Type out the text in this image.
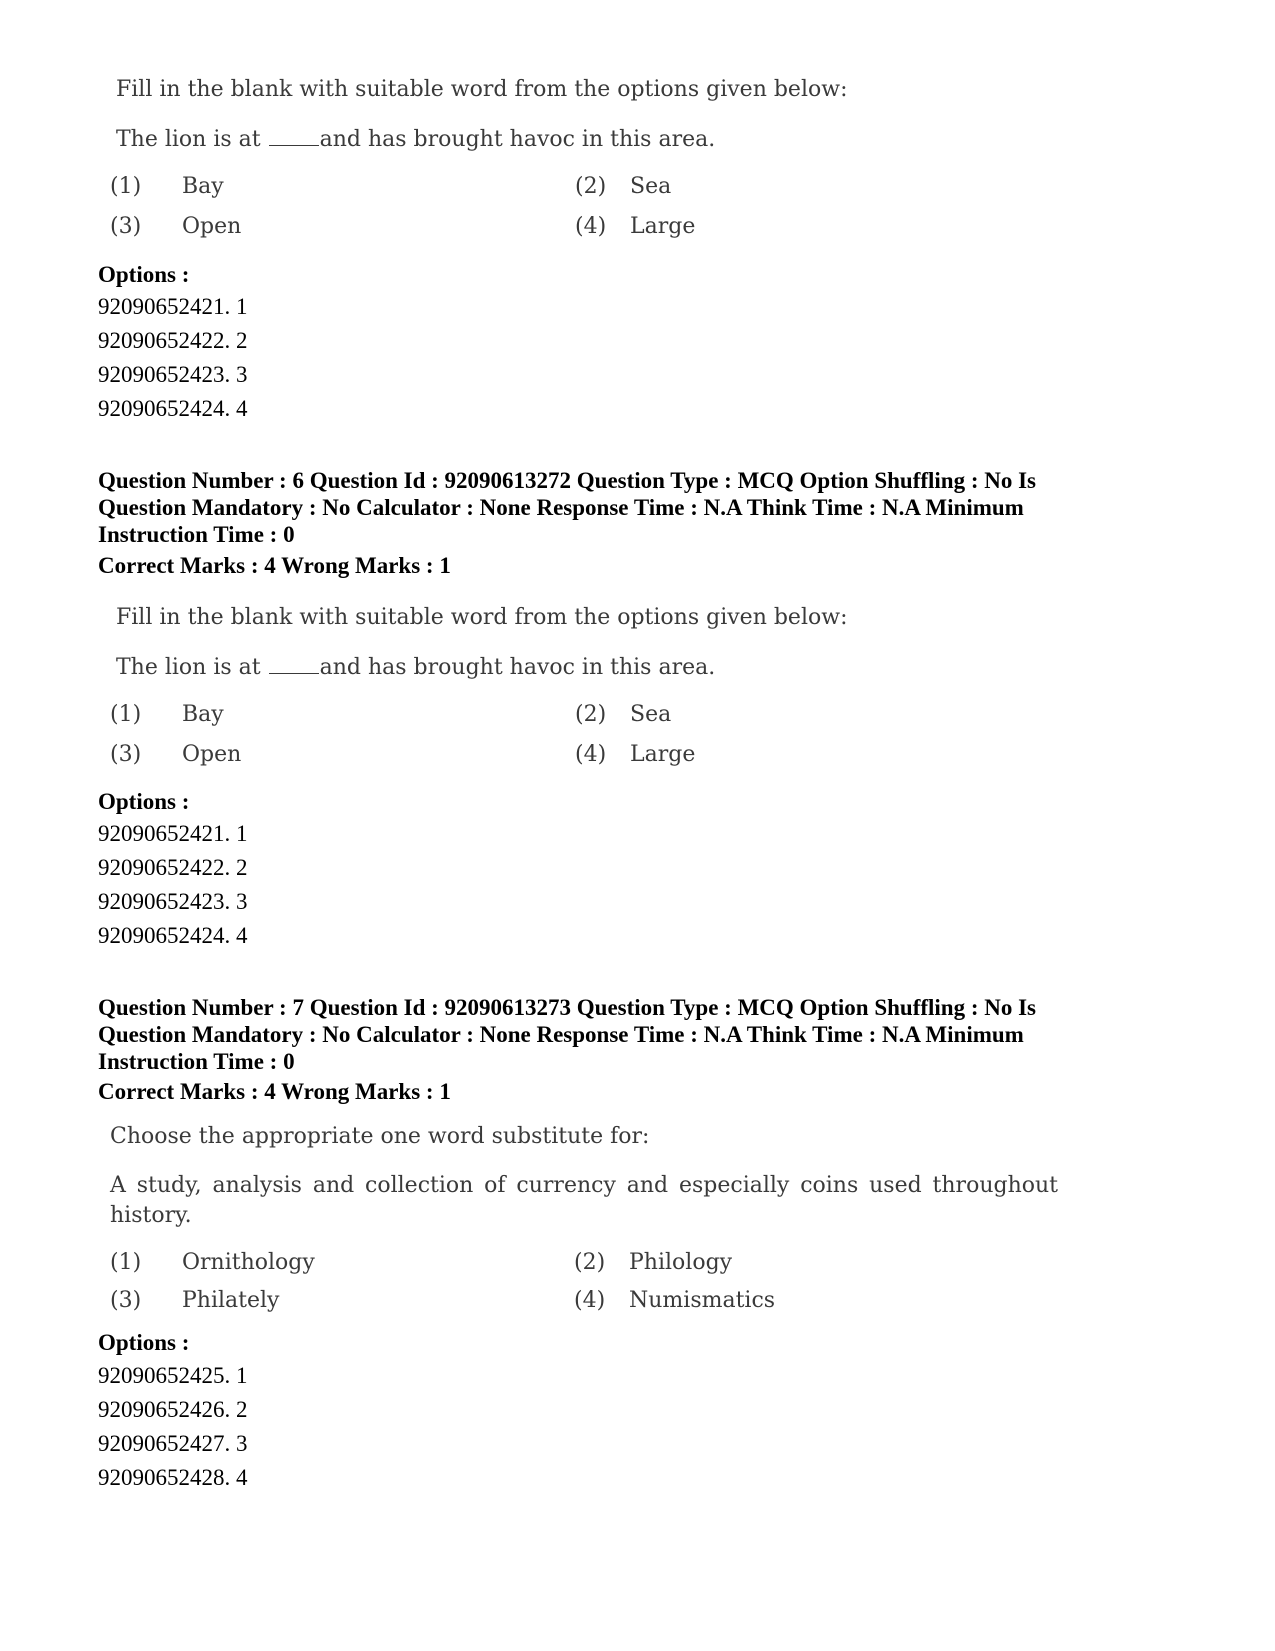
Fill in the blank with suitable word from the options given below:
The lion is at	and has brought havoc in this area.
(1) Bay	(2) Sea
(3) Open	(4) Large
Options :
92090652421. 1
92090652422. 2
92090652423. 3
92090652424. 4
Question Number : 6 Question Id : 92090613272 Question Type : MCQ Option Shuffling : No Is
Question Mandatory : No Calculator : None Response Time : N.A Think Time : N.A Minimum
Instruction Time : 0
Correct Marks : 4 Wrong Marks : 1
Fill in the blank with suitable word from the options given below:
The lion is at	and has brought havoc in this area.
(1) Bay	(2) Sea
(3) Open	(4) Large
Options :
92090652421. 1
92090652422. 2
92090652423. 3
92090652424. 4
Question Number : 7 Question Id : 92090613273 Question Type : MCQ Option Shuffling : No Is
Question Mandatory : No Calculator : None Response Time : N.A Think Time : N.A Minimum
Instruction Time : 0
Correct Marks : 4 Wrong Marks : 1
Choose the appropriate one word substitute for:
A study, analysis and collection of currency and especially coins used throughout history.
(1) Ornithology	(2) Philology
(3) Philately	(4) Numismatics
Options :
92090652425. 1
92090652426. 2
92090652427. 3
92090652428. 4
